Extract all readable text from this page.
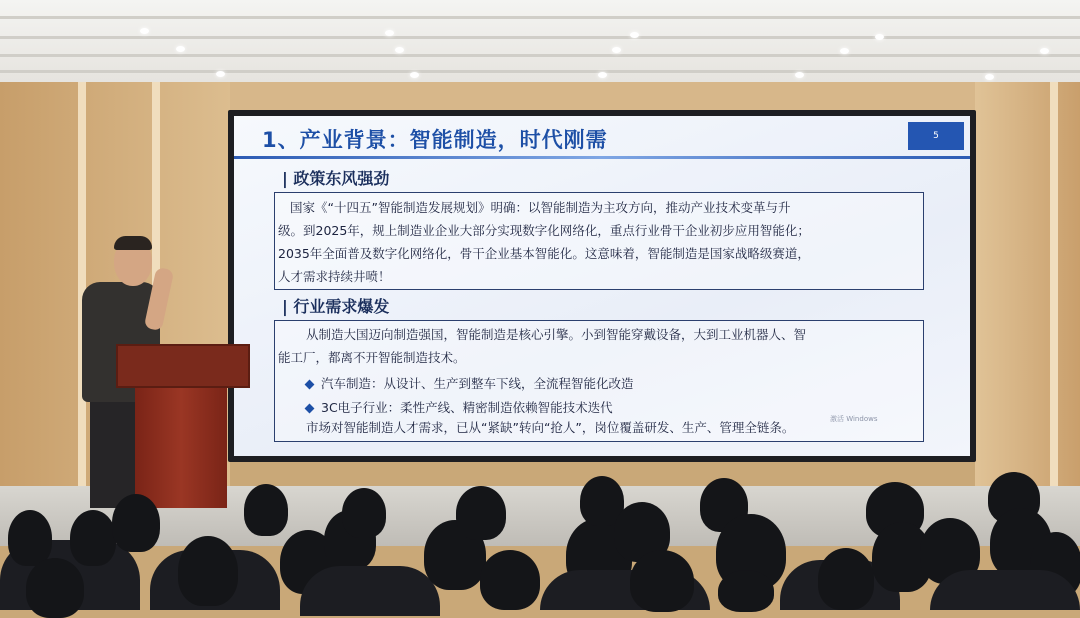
1、产业背景：智能制造，时代刚需	5
| 政策东风强劲
国家《“十四五”智能制造发展规划》明确：以智能制造为主攻方向，推动产业技术变革与升
级。到2025年，规上制造业企业大部分实现数字化网络化，重点行业骨干企业初步应用智能化；
2035年全面普及数字化网络化，骨干企业基本智能化。这意味着，智能制造是国家战略级赛道，
人才需求持续井喷！
| 行业需求爆发
从制造大国迈向制造强国，智能制造是核心引擎。小到智能穿戴设备，大到工业机器人、智
能工厂，都离不开智能制造技术。
汽车制造：从设计、生产到整车下线，全流程智能化改造
3C电子行业：柔性产线、精密制造依赖智能技术迭代
市场对智能制造人才需求，已从“紧缺”转向“抢人”，岗位覆盖研发、生产、管理全链条。
激活 Windows
